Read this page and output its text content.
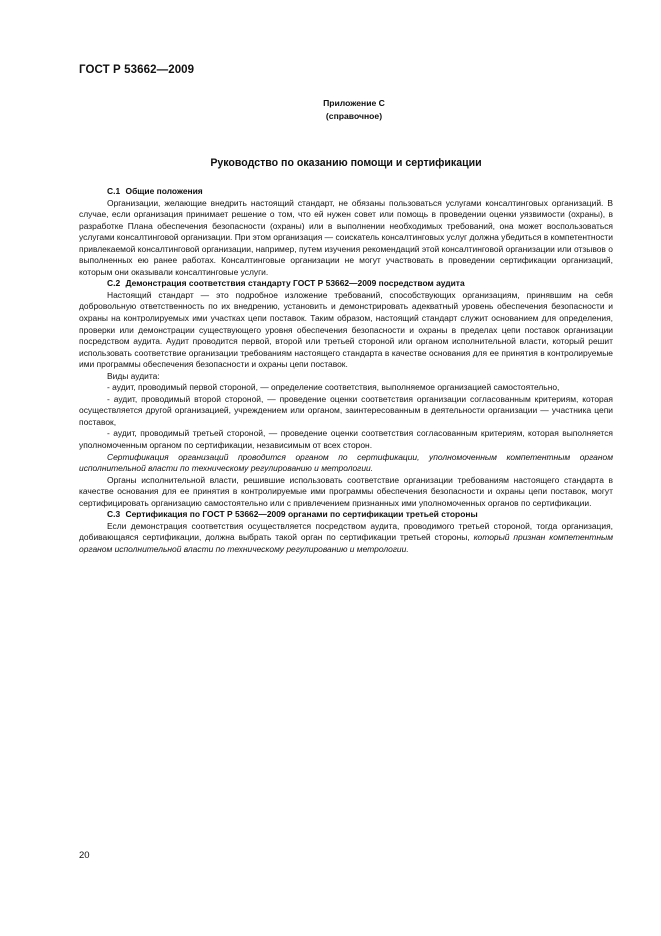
ГОСТ Р 53662—2009
Приложение С
(справочное)
Руководство по оказанию помощи и сертификации

С.1 Общие положения

Организации, желающие внедрить настоящий стандарт, не обязаны пользоваться услугами консалтинговых организаций. В случае, если организация принимает решение о том, что ей нужен совет или помощь в проведении оценки уязвимости (охраны), в разработке Плана обеспечения безопасности (охраны) или в выполнении необходимых требований, она может воспользоваться услугами консалтинговой организации. При этом организация — соискатель консалтинговых услуг должна убедиться в компетентности привлекаемой консалтинговой организации, например, путем изучения рекомендаций этой консалтинговой организации или отзывов о выполненных ею ранее работах. Консалтинговые организации не могут участвовать в проведении сертификации организаций, которым они оказывали консалтинговые услуги.

С.2 Демонстрация соответствия стандарту ГОСТ Р 53662—2009 посредством аудита

Настоящий стандарт — это подробное изложение требований, способствующих организациям, принявшим на себя добровольную ответственность по их внедрению, установить и демонстрировать адекватный уровень обеспечения безопасности и охраны на контролируемых ими участках цепи поставок. Таким образом, настоящий стандарт служит основанием для определения, проверки или демонстрации существующего уровня обеспечения безопасности и охраны в пределах цепи поставок организации посредством аудита. Аудит проводится первой, второй или третьей стороной или органом исполнительной власти, который решит использовать соответствие организации требованиям настоящего стандарта в качестве основания для ее принятия в контролируемые ими программы обеспечения безопасности и охраны цепи поставок.

Виды аудита:

- аудит, проводимый первой стороной, — определение соответствия, выполняемое организацией самостоятельно,

- аудит, проводимый второй стороной, — проведение оценки соответствия организации согласованным критериям, которая осуществляется другой организацией, учреждением или органом, заинтересованным в деятельности организации — участника цепи поставок,

- аудит, проводимый третьей стороной, — проведение оценки соответствия согласованным критериям, которая выполняется уполномоченным органом по сертификации, независимым от всех сторон.

Сертификация организаций проводится органом по сертификации, уполномоченным компетентным органом исполнительной власти по техническому регулированию и метрологии.

Органы исполнительной власти, решившие использовать соответствие организации требованиям настоящего стандарта в качестве основания для ее принятия в контролируемые ими программы обеспечения безопасности и охраны цепи поставок, могут сертифицировать организацию самостоятельно или с привлечением признанных ими уполномоченных органов по сертификации.

С.3 Сертификация по ГОСТ Р 53662—2009 органами по сертификации третьей стороны

Если демонстрация соответствия осуществляется посредством аудита, проводимого третьей стороной, тогда организация, добивающаяся сертификации, должна выбрать такой орган по сертификации третьей стороны, который признан компетентным органом исполнительной власти по техническому регулированию и метрологии.

20
